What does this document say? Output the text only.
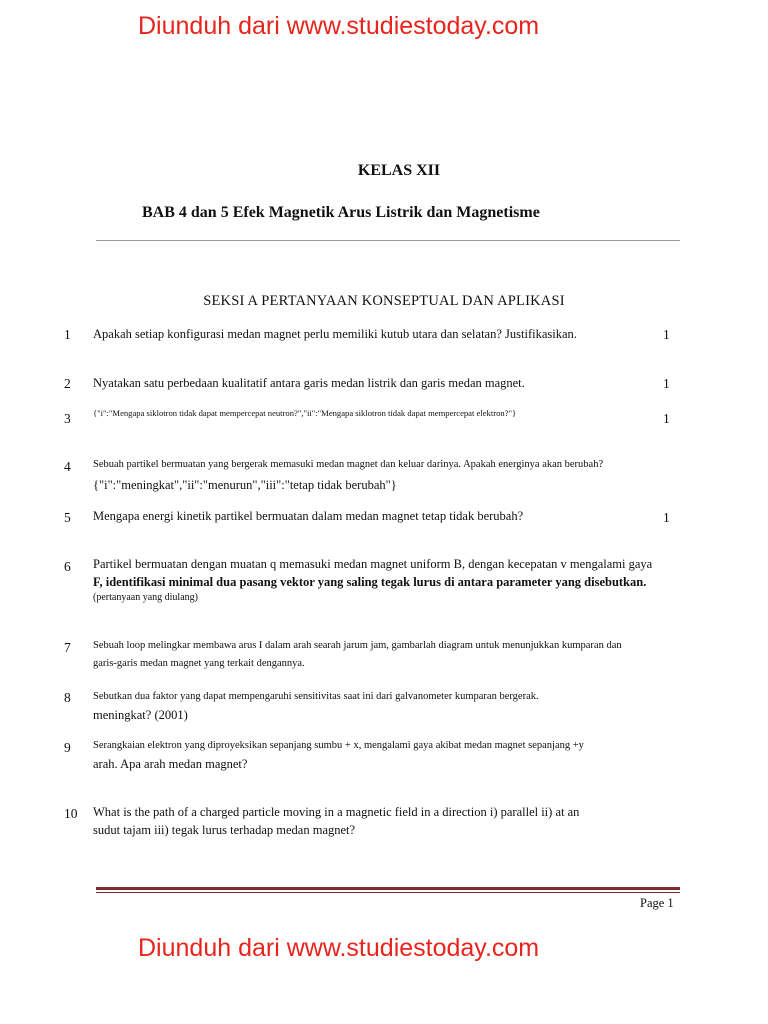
Diunduh dari www.studiestoday.com
KELAS XII
BAB 4 dan 5 Efek Magnetik Arus Listrik dan Magnetisme
SEKSI A PERTANYAAN KONSEPTUAL DAN APLIKASI
1 Apakah setiap konfigurasi medan magnet perlu memiliki kutub utara dan selatan? Justifikasikan.	1
2 Nyatakan satu perbedaan kualitatif antara garis medan listrik dan garis medan magnet.	1
3	{"i":"Mengapa siklotron tidak dapat mempercepat neutron?","ii":"Mengapa siklotron tidak dapat mempercepat elektron?"}	1
4 Sebuah partikel bermuatan yang bergerak memasuki medan magnet dan keluar darinya. Apakah energinya akan berubah?
{"i":"meningkat","ii":"menurun","iii":"tetap tidak berubah"}
5 Mengapa energi kinetik partikel bermuatan dalam medan magnet tetap tidak berubah?	1
6 Partikel bermuatan dengan muatan q memasuki medan magnet uniform B, dengan kecepatan v mengalami gaya
F, identifikasi minimal dua pasang vektor yang saling tegak lurus di antara parameter yang disebutkan.
(pertanyaan yang diulang)
7 Sebuah loop melingkar membawa arus I dalam arah searah jarum jam, gambarlah diagram untuk menunjukkan kumparan dan
garis-garis medan magnet yang terkait dengannya.
8 Sebutkan dua faktor yang dapat mempengaruhi sensitivitas saat ini dari galvanometer kumparan bergerak.
meningkat? (2001)
9 Serangkaian elektron yang diproyeksikan sepanjang sumbu + x, mengalami gaya akibat medan magnet sepanjang +y
arah. Apa arah medan magnet?
10 What is the path of a charged particle moving in a magnetic field in a direction i) parallel ii) at an
sudut tajam iii) tegak lurus terhadap medan magnet?
Page 1
Diunduh dari www.studiestoday.com
